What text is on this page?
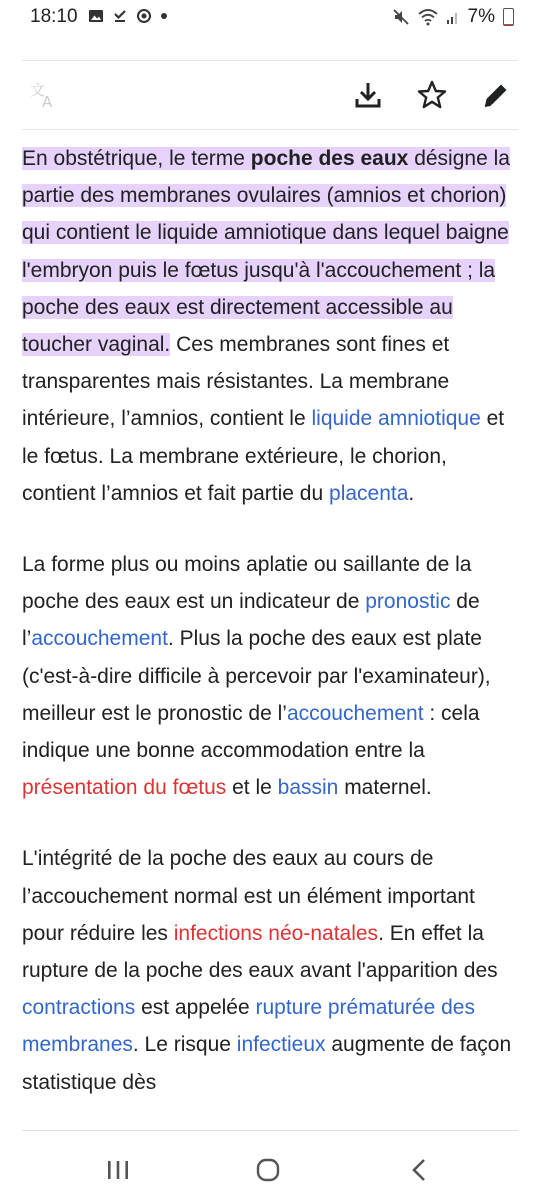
18:10	7%
文
A

En obstétrique, le terme poche des eaux désigne la partie des membranes ovulaires (amnios et chorion) qui contient le liquide amniotique dans lequel baigne l'embryon puis le fœtus jusqu'à l'accouchement ; la poche des eaux est directement accessible au toucher vaginal. Ces membranes sont fines et transparentes mais résistantes. La membrane intérieure, l’amnios, contient le liquide amniotique et le fœtus. La membrane extérieure, le chorion, contient l’amnios et fait partie du placenta.

La forme plus ou moins aplatie ou saillante de la poche des eaux est un indicateur de pronostic de l’accouchement. Plus la poche des eaux est plate (c'est-à-dire difficile à percevoir par l'examinateur), meilleur est le pronostic de l’accouchement : cela indique une bonne accommodation entre la présentation du fœtus et le bassin maternel.

L'intégrité de la poche des eaux au cours de l’accouchement normal est un élément important pour réduire les infections néo-natales. En effet la rupture de la poche des eaux avant l'apparition des contractions est appelée rupture prématurée des membranes. Le risque infectieux augmente de façon statistique dès
